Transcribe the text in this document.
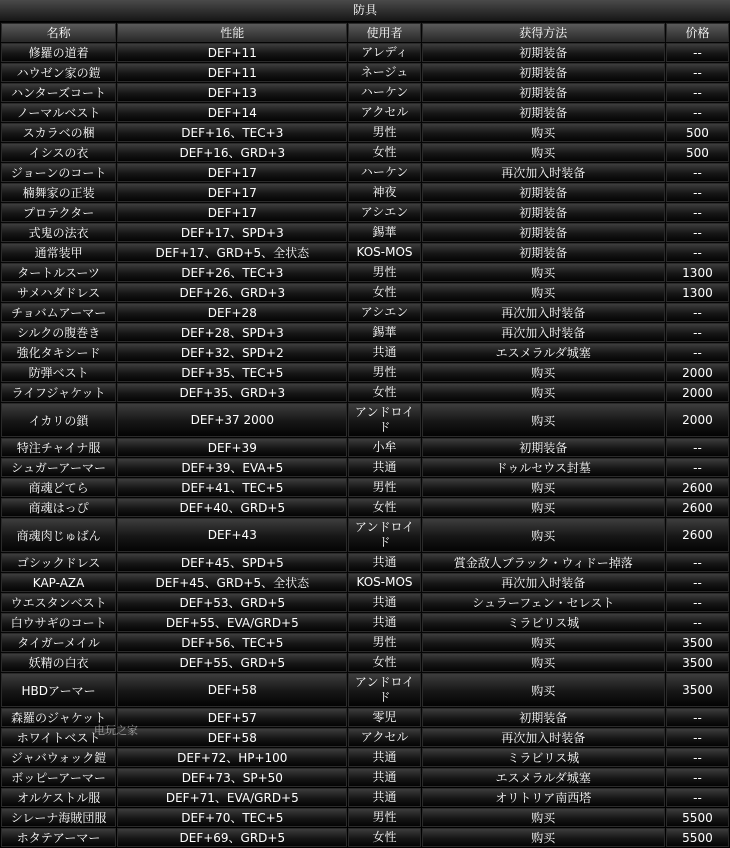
防具
名称	性能	使用者	获得方法	价格
修羅の道着	DEF+11	アレディ	初期装备	--
ハウゼン家の鎧	DEF+11	ネージュ	初期装备	--
ハンターズコート	DEF+13	ハーケン	初期装备	--
ノーマルベスト	DEF+14	アクセル	初期装备	--
スカラベの梱	DEF+16、TEC+3	男性	购买	500
イシスの衣	DEF+16、GRD+3	女性	购买	500
ジョーンのコート	DEF+17	ハーケン	再次加入时装备	--
楠舞家の正装	DEF+17	神夜	初期装备	--
プロテクター	DEF+17	アシエン	初期装备	--
式鬼の法衣	DEF+17、SPD+3	錫華	初期装备	--
通常装甲	DEF+17、GRD+5、全状态	KOS-MOS	初期装备	--
タートルスーツ	DEF+26、TEC+3	男性	购买	1300
サメハダドレス	DEF+26、GRD+3	女性	购买	1300
チョバムアーマー	DEF+28	アシエン	再次加入时装备	--
シルクの腹巻き	DEF+28、SPD+3	錫華	再次加入时装备	--
強化タキシード	DEF+32、SPD+2	共通	エスメラルダ城塞	--
防弾ベスト	DEF+35、TEC+5	男性	购买	2000
ライフジャケット	DEF+35、GRD+3	女性	购买	2000
イカリの鎖	DEF+37 2000	アンドロイド	购买	2000
特注チャイナ服	DEF+39	小牟	初期装备	--
シュガーアーマー	DEF+39、EVA+5	共通	ドゥルセウス封墓	--
商魂どてら	DEF+41、TEC+5	男性	购买	2600
商魂はっぴ	DEF+40、GRD+5	女性	购买	2600
商魂肉じゅばん	DEF+43	アンドロイド	购买	2600
ゴシックドレス	DEF+45、SPD+5	共通	賞金敌人ブラック・ウィドー掉落	--
KAP-AZA	DEF+45、GRD+5、全状态	KOS-MOS	再次加入时装备	--
ウエスタンベスト	DEF+53、GRD+5	共通	シュラーフェン・セレスト	--
白ウサギのコート	DEF+55、EVA/GRD+5	共通	ミラビリス城	--
タイガーメイル	DEF+56、TEC+5	男性	购买	3500
妖精の白衣	DEF+55、GRD+5	女性	购买	3500
HBDアーマー	DEF+58	アンドロイド	购买	3500
森羅のジャケット	DEF+57	零児	初期装备	--
ホワイトベスト	DEF+58	アクセル	再次加入时装备	--
ジャバウォック鎧	DEF+72、HP+100	共通	ミラビリス城	--
ボッピーアーマー	DEF+73、SP+50	共通	エスメラルダ城塞	--
オルケストル服	DEF+71、EVA/GRD+5	共通	オリトリア南西塔	--
シレーナ海賊団服	DEF+70、TEC+5	男性	购买	5500
ホタテアーマー	DEF+69、GRD+5	女性	购买	5500
电玩之家
